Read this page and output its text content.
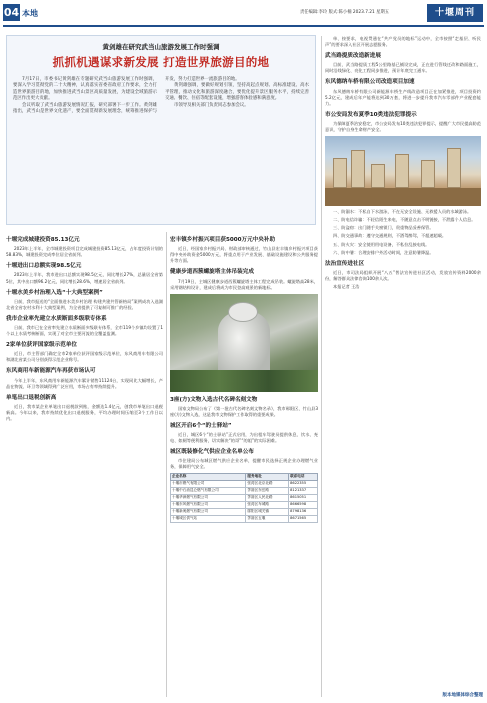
04 本地	责任编辑:李玲 版式:陈小楠 2023.7.21 星期五	十堰周刊
黄剑雄在研究武当山旅游发展工作时强调
抓抓机遇谋求新发展 打造世界旅游目的地

7月17日，市委书记黄剑雄在专题研究武当山旅游发展工作时强调，要深入学习贯彻党的二十大精神，认真落实省委省政府工作要求，全力打造世界旅游目的地，加快推进武当山景区高质量发展，为建设全域旅游示范区作出更大贡献。

会议听取了武当山旅游发展情况汇报，研究部署下一步工作。黄剑雄指出，武当山是世界文化遗产，要全面贯彻新发展理念，统筹推进保护与开发，努力打造世界一流旅游目的地。

黄剑雄强调，要做好规划引领，坚持高起点规划、高标准建设、高水平管理，推动文化和旅游深度融合，要优化提升景区服务水平，持续完善交通、餐饮、住宿等配套设施，增强游客体验感和满意度。

市领导及相关部门负责同志参加会议。

十堰完成城建投资85.13亿元

2023年上半年，全市城建投资项目完成城建投资85.13亿元，占年度投资计划的58.83%，城建投资完成率位居全省前列。

十堰进出口总额实现98.5亿元

2023年上半年，我市进出口总额实现98.5亿元，同比增长27%，总量居全省第5位，其中出口额96.2亿元，同比增长28.6%，增速居全省前列。

十堰水美乡村治理入选“十大典型案例”

日前，我市报送的“全面推进水美乡村治理 构建共建共管新格局”案例成功入选湖北省全省农村水利十大典型案例，为全省提供了可复制可推广的经验。

我市企业率先建立水质断面多级联专体系

日前，我市已在全省率先建立水质断面多级联专体系，全市119个乡镇均设置了1个以上水质考核断面，实现了对全市主要河流的全覆盖监测。

2家单位获评国家级示范单位

近日，市主管部门确定全市2家单位获评国家级示范单位，东风商用车有限公司和湖北省某公司分别获得示范企业称号。

东风商用车新能源汽车再获市场认可

今年上半年，东风商用车新能源汽车累计销售11124台，实现同比大幅增长，产品在物流、环卫等领域得到广泛应用，市场占有率持续提升。

单笔出口退税创新高

近日，我市某企业单笔出口退税款到账，金额达1.4亿元，创我市单笔出口退税新高。今年以来，我市持续优化出口退税服务，平均办理时间压缩至3个工作日以内。

宏丰镇乡村振兴项目获5000万元中央补助

近日，经国家乡村振兴局、财政部审核通过，竹山县宏丰镇乡村振兴项目获得中央补助资金5000万元，将重点用于产业发展、基础设施建设和公共服务提升等方面。

健康步道西簇螺旋塔主体吊装完成

7月19日，主城区健康步道西簇螺旋塔主体工程完成吊装。螺旋塔高28米，采用钢结构设计，建成后将成为市民登高观景的新地标。

3座(方)文物入选古代名碑名刻文物

国家文物局公布了《第一批古代名碑名刻文物名录》，我市郧阳区、竹山县3座(方)文物入选，这是我市文物保护工作取得的重要成果。

城区开启6个“的士驿站”

近日，城区6个“的士驿站”正式启用，为出租车驾驶员提供休息、饮水、充电、如厕等便利服务，切实解决“的哥”“的姐”的实际困难。

城区既装修化气供应企业名单公布

市住建局公布城区燃气供应企业名单，提醒市民选择正规企业办理燃气业务，保障用气安全。

企业名称	服务地址	联系电话
十堰市燃气有限公司	张湾区北京北路	8622355
十堰中石油昆仑燃气有限公司	茅箭区东岳路	8121337
十堰华润燃气有限公司	茅箭区人民北路	8615051
十堰东风燃气有限公司	张湾区车城路	8666598
十堰新奥燃气有限公司	郧阳区城关镇	8798136
十堰城区供气站	茅箭区五堰	8671565

单、按要求，电视贯通在“共产党员的地标”运动中，全市按照“走基层、听民声”的要求深入社区开展志愿服务。

武当路提质改造新进展

目前，武当路提质工程5公里路基已铺设完成，正在进行管线迁改和路面施工，同时沿线绿化、亮化工程同步推进，预计年底完工通车。

东风德纳车桥有限公司改造项目加速

东风德纳车桥有限公司新能源车桥生产线改造项目正在加紧推进，项目投资约5.2亿元，建成后年产能将达到30万套，将进一步提升我市汽车零部件产业配套能力。

市公安局发布夏季10类违法犯罪提示

为保障夏季治安稳定，市公安局发布10类违法犯罪提示，提醒广大市民提高防范意识，守护自身生命财产安全。

一、防溺水：不私自下水游泳，不在无安全设施、无救援人员的水域游泳。

二、防电信诈骗：不轻信陌生来电，不随意点击不明链接，不泄露个人信息。

三、防盗窃：出门随手关窗锁门，贵重物品妥善保管。

四、防交通事故：遵守交通规则，不酒驾醉驾，不超速超载。

五、防火灾：安全使用用电设备，不私拉乱接电线。

六、防中暑：合理安排户外活动时间，注意防暑降温。

法治宣传进社区

近日，市司法局组织开展“八五”普法宣传进社区活动，发放宣传资料2000余份，解答群众法律咨询100余人次。

本报记者 王浩

版本地媒体综合整理
